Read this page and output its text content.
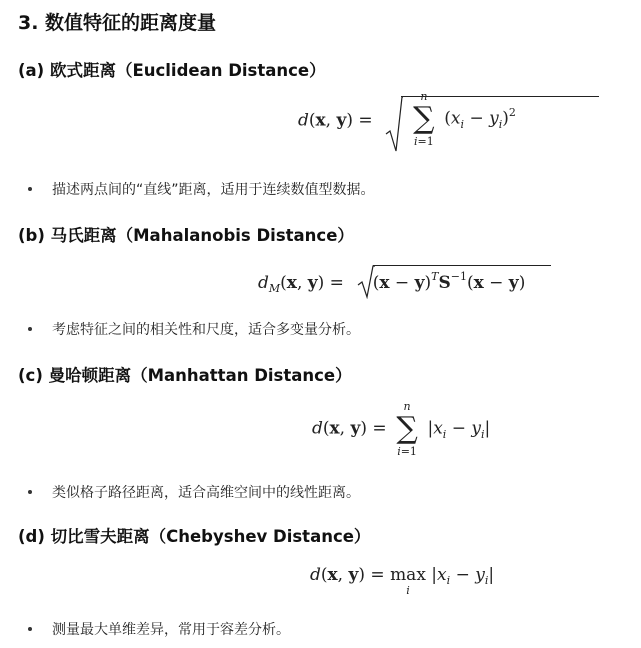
3. 数值特征的距离度量
(a) 欧式距离（Euclidean Distance）
d(x, y) =

n
∑
i=1
$(x_i - y_i)^2$
描述两点间的“直线”距离，适用于连续数值型数据。
(b) 马氏距离（Mahalanobis Distance）
$d_M(x$, y) =
$(x - y)^TS^{-1}(x - y)$
考虑特征之间的相关性和尺度，适合多变量分析。
(c) 曼哈顿距离（Manhattan Distance）
d(x, y) =
n
∑
i=1
$|x_i - y_i|$
类似格子路径距离，适合高维空间中的线性距离。
(d) 切比雪夫距离（Chebyshev Distance）
d(x, y) = max
i
$|x_i - y_i|$
测量最大单维差异，常用于容差分析。
